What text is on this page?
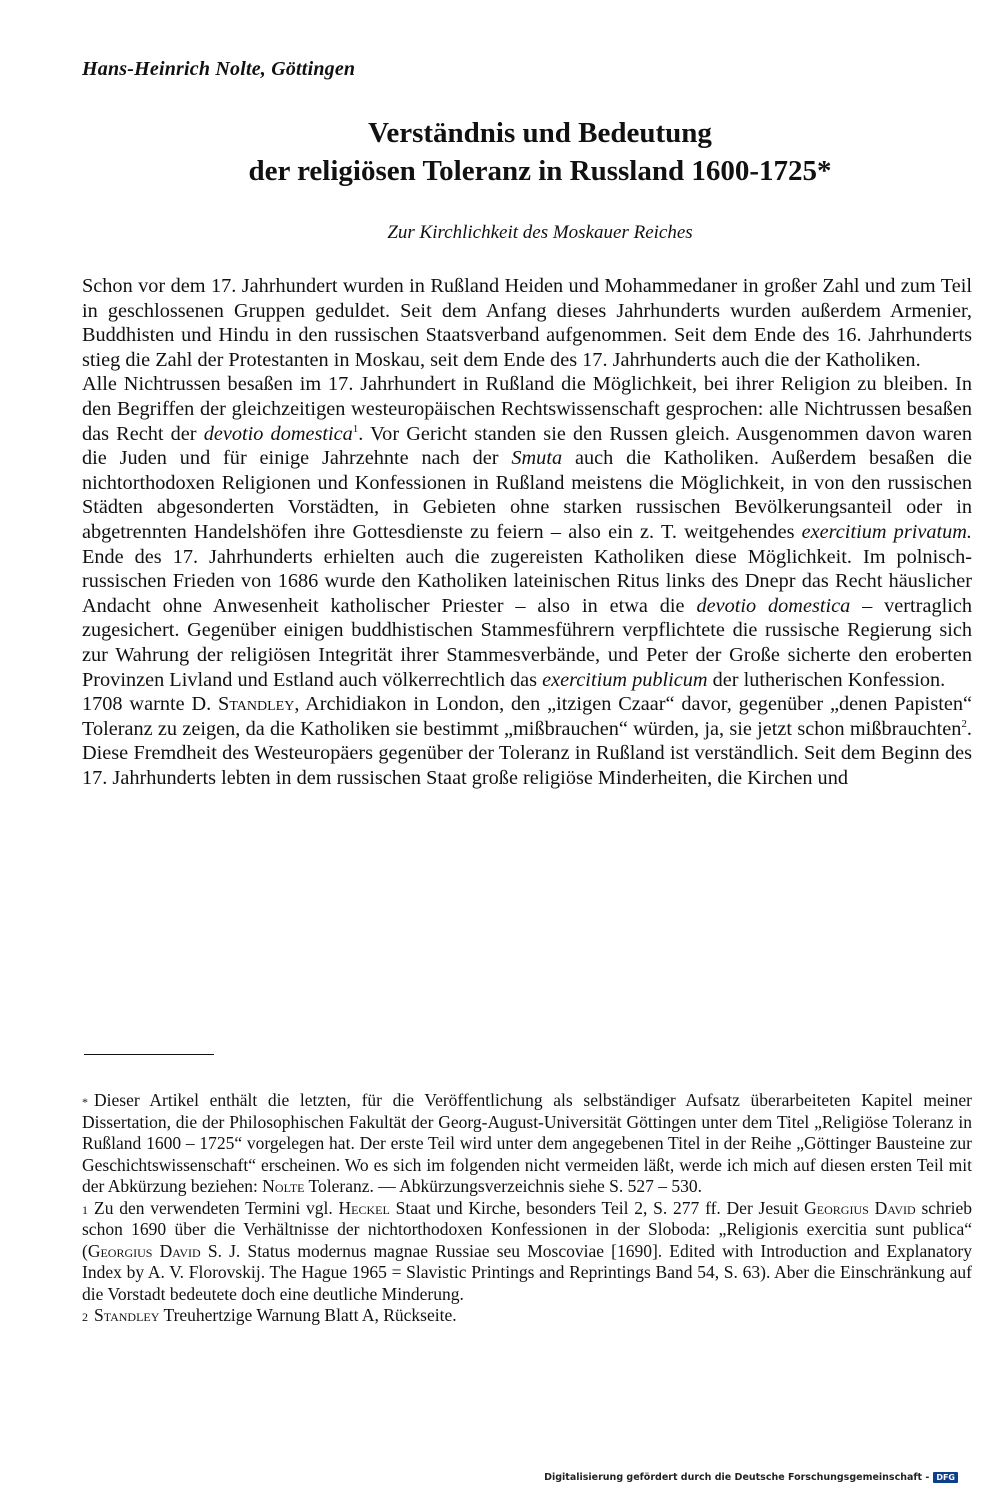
Hans-Heinrich Nolte, Göttingen
Verständnis und Bedeutung
der religiösen Toleranz in Russland 1600-1725*
Zur Kirchlichkeit des Moskauer Reiches

Schon vor dem 17. Jahrhundert wurden in Rußland Heiden und Mohammedaner in großer Zahl und zum Teil in geschlossenen Gruppen geduldet. Seit dem Anfang dieses Jahrhunderts wurden außerdem Armenier, Buddhisten und Hindu in den russischen Staatsverband aufgenommen. Seit dem Ende des 16. Jahrhunderts stieg die Zahl der Protestanten in Moskau, seit dem Ende des 17. Jahrhunderts auch die der Katholiken.

Alle Nichtrussen besaßen im 17. Jahrhundert in Rußland die Möglichkeit, bei ihrer Religion zu bleiben. In den Begriffen der gleichzeitigen westeuropäischen Rechtswissenschaft gesprochen: alle Nichtrussen besaßen das Recht der devotio domestica$^1$. Vor Gericht standen sie den Russen gleich. Ausgenommen davon waren die Juden und für einige Jahrzehnte nach der Smuta auch die Katholiken. Außerdem besaßen die nichtorthodoxen Religionen und Konfessionen in Rußland meistens die Möglichkeit, in von den russischen Städten abgesonderten Vorstädten, in Gebieten ohne starken russischen Bevölkerungsanteil oder in abgetrennten Handelshöfen ihre Gottesdienste zu feiern – also ein z. T. weitgehendes exercitium privatum. Ende des 17. Jahrhunderts erhielten auch die zugereisten Katholiken diese Möglichkeit. Im polnisch-russischen Frieden von 1686 wurde den Katholiken lateinischen Ritus links des Dnepr das Recht häuslicher Andacht ohne Anwesenheit katholischer Priester – also in etwa die devotio domestica – vertraglich zugesichert. Gegenüber einigen buddhistischen Stammesführern verpflichtete die russische Regierung sich zur Wahrung der religiösen Integrität ihrer Stammesverbände, und Peter der Große sicherte den eroberten Provinzen Livland und Estland auch völkerrechtlich das exercitium publicum der lutherischen Konfession.

1708 warnte D. Standley, Archidiakon in London, den „itzigen Czaar“ davor, gegenüber „denen Papisten“ Toleranz zu zeigen, da die Katholiken sie bestimmt „mißbrauchen“ würden, ja, sie jetzt schon mißbrauchten$^2$. Diese Fremdheit des Westeuropäers gegenüber der Toleranz in Rußland ist verständlich. Seit dem Beginn des 17. Jahrhunderts lebten in dem russischen Staat große religiöse Minderheiten, die Kirchen und

* Dieser Artikel enthält die letzten, für die Veröffentlichung als selbständiger Aufsatz überarbeiteten Kapitel meiner Dissertation, die der Philosophischen Fakultät der Georg-August-Universität Göttingen unter dem Titel „Religiöse Toleranz in Rußland 1600 – 1725“ vorgelegen hat. Der erste Teil wird unter dem angegebenen Titel in der Reihe „Göttinger Bausteine zur Geschichtswissenschaft“ erscheinen. Wo es sich im folgenden nicht vermeiden läßt, werde ich mich auf diesen ersten Teil mit der Abkürzung beziehen: Nolte Toleranz. — Abkürzungsverzeichnis siehe S. 527 – 530.

$^1$ Zu den verwendeten Termini vgl. Heckel Staat und Kirche, besonders Teil 2, S. 277 ff. Der Jesuit Georgius David schrieb schon 1690 über die Verhältnisse der nichtorthodoxen Konfessionen in der Sloboda: „Religionis exercitia sunt publica“ (Georgius David S. J. Status modernus magnae Russiae seu Moscoviae [1690]. Edited with Introduction and Explanatory Index by A. V. Florovskij. The Hague 1965 = Slavistic Printings and Reprintings Band 54, S. 63). Aber die Einschränkung auf die Vorstadt bedeutete doch eine deutliche Minderung.

$^2$ Standley Treuhertzige Warnung Blatt A, Rückseite.

Digitalisierung gefördert durch die Deutsche Forschungsgemeinschaft - DFG
